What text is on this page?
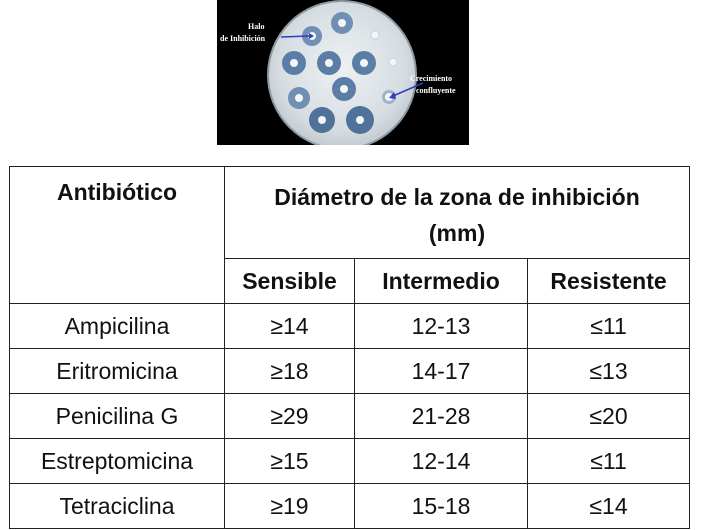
Halo
de Inhibición
Crecimiento
confluyente
Antibiótico	Diámetro de la zona de inhibición
(mm)		
	Sensible	Intermedio	Resistente
Ampicilina	≥14	12-13	≤11
Eritromicina	≥18	14-17	≤13
Penicilina G	≥29	21-28	≤20
Estreptomicina	≥15	12-14	≤11
Tetraciclina	≥19	15-18	≤14
